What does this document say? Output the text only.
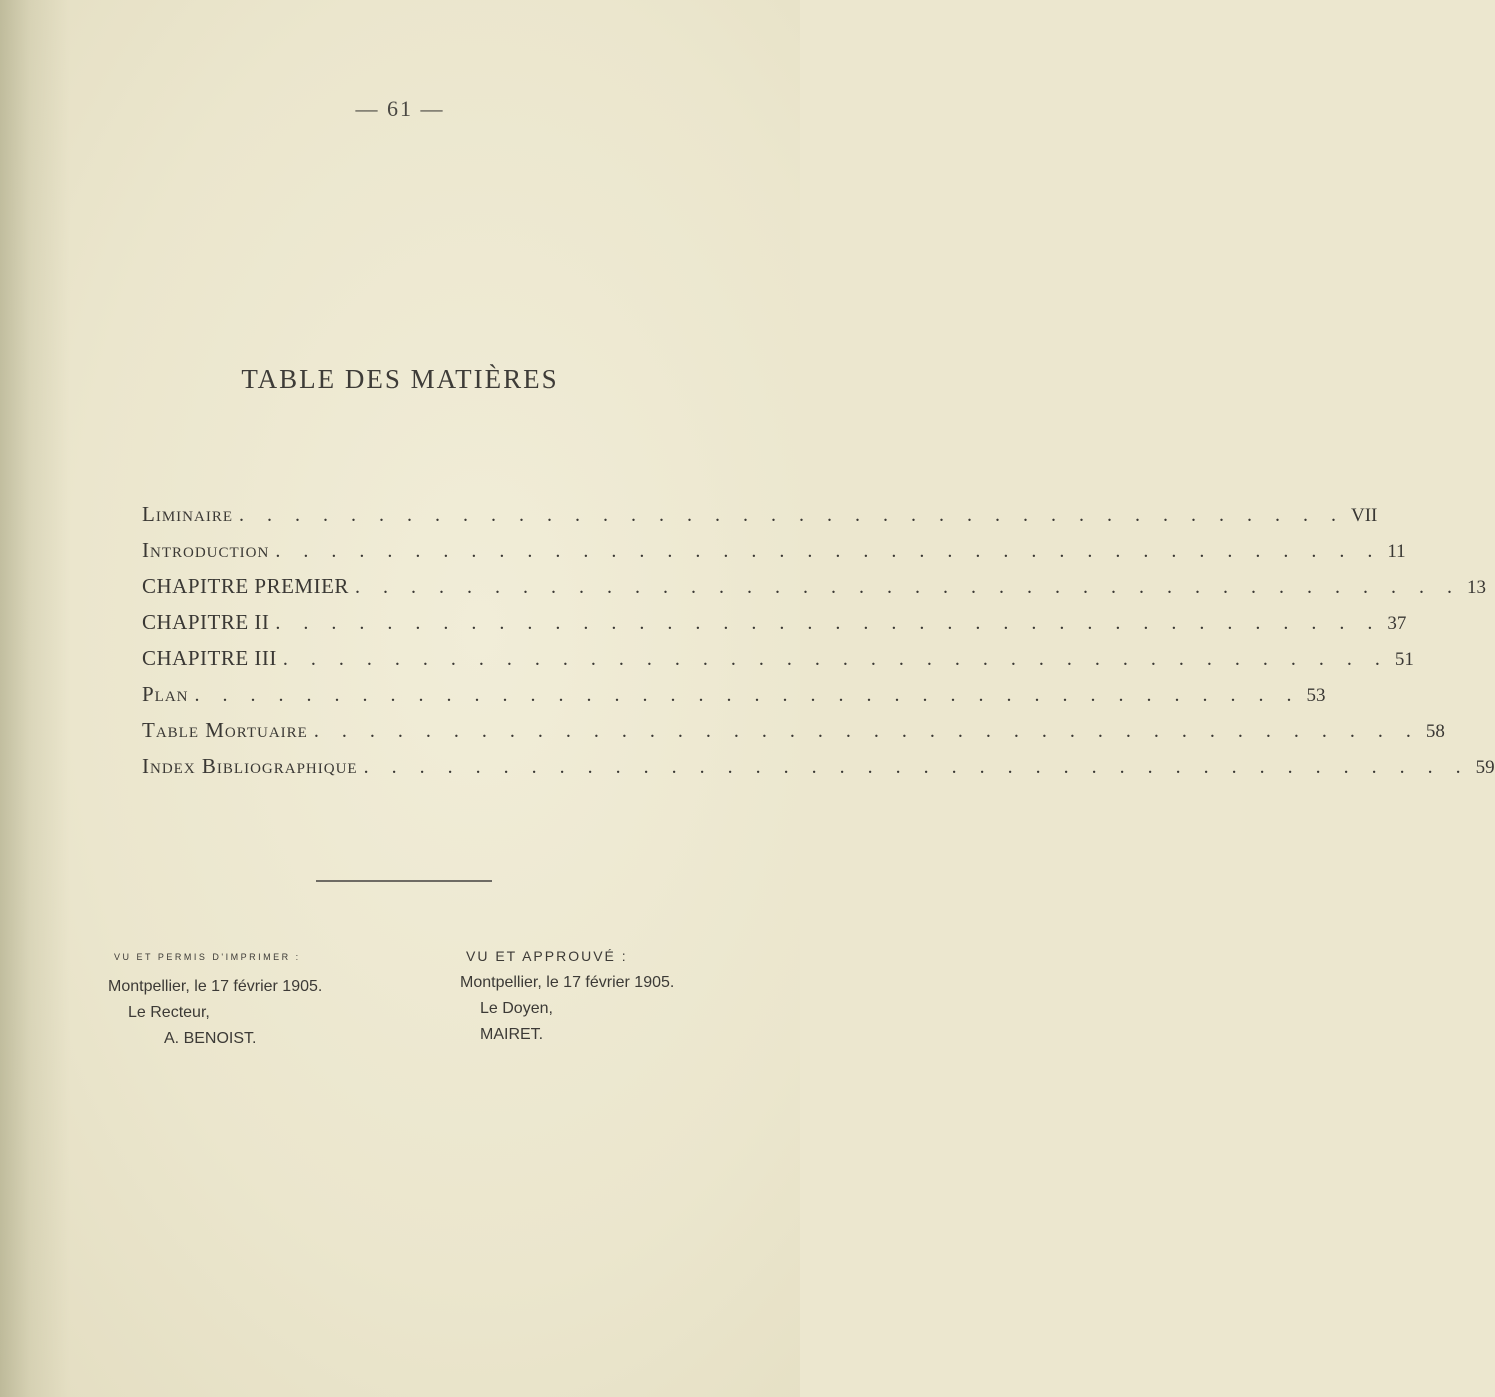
— 61 —
TABLE DES MATIÈRES
Liminaire . . . . . . . . . . . . . . . . . . . . . . . . . . . . . . . . . . . . . . . . VII
Introduction . . . . . . . . . . . . . . . . . . . . . . . . . . . . . . . . . . . . . . . . 11
CHAPITRE PREMIER . . . . . . . . . . . . . . . . . . . . . . . . . . . . . . . . . . . . . . . . 13
CHAPITRE II . . . . . . . . . . . . . . . . . . . . . . . . . . . . . . . . . . . . . . . . 37
CHAPITRE III . . . . . . . . . . . . . . . . . . . . . . . . . . . . . . . . . . . . . . . . 51
Plan . . . . . . . . . . . . . . . . . . . . . . . . . . . . . . . . . . . . . . . . 53
Table Mortuaire . . . . . . . . . . . . . . . . . . . . . . . . . . . . . . . . . . . . . . . . 58
Index Bibliographique . . . . . . . . . . . . . . . . . . . . . . . . . . . . . . . . . . . . . . . . 59
VU ET PERMIS D'IMPRIMER :
Montpellier, le 17 février 1905.
Le Recteur,
A. BENOIST.
VU ET APPROUVÉ :
Montpellier, le 17 février 1905.
Le Doyen,
MAIRET.
